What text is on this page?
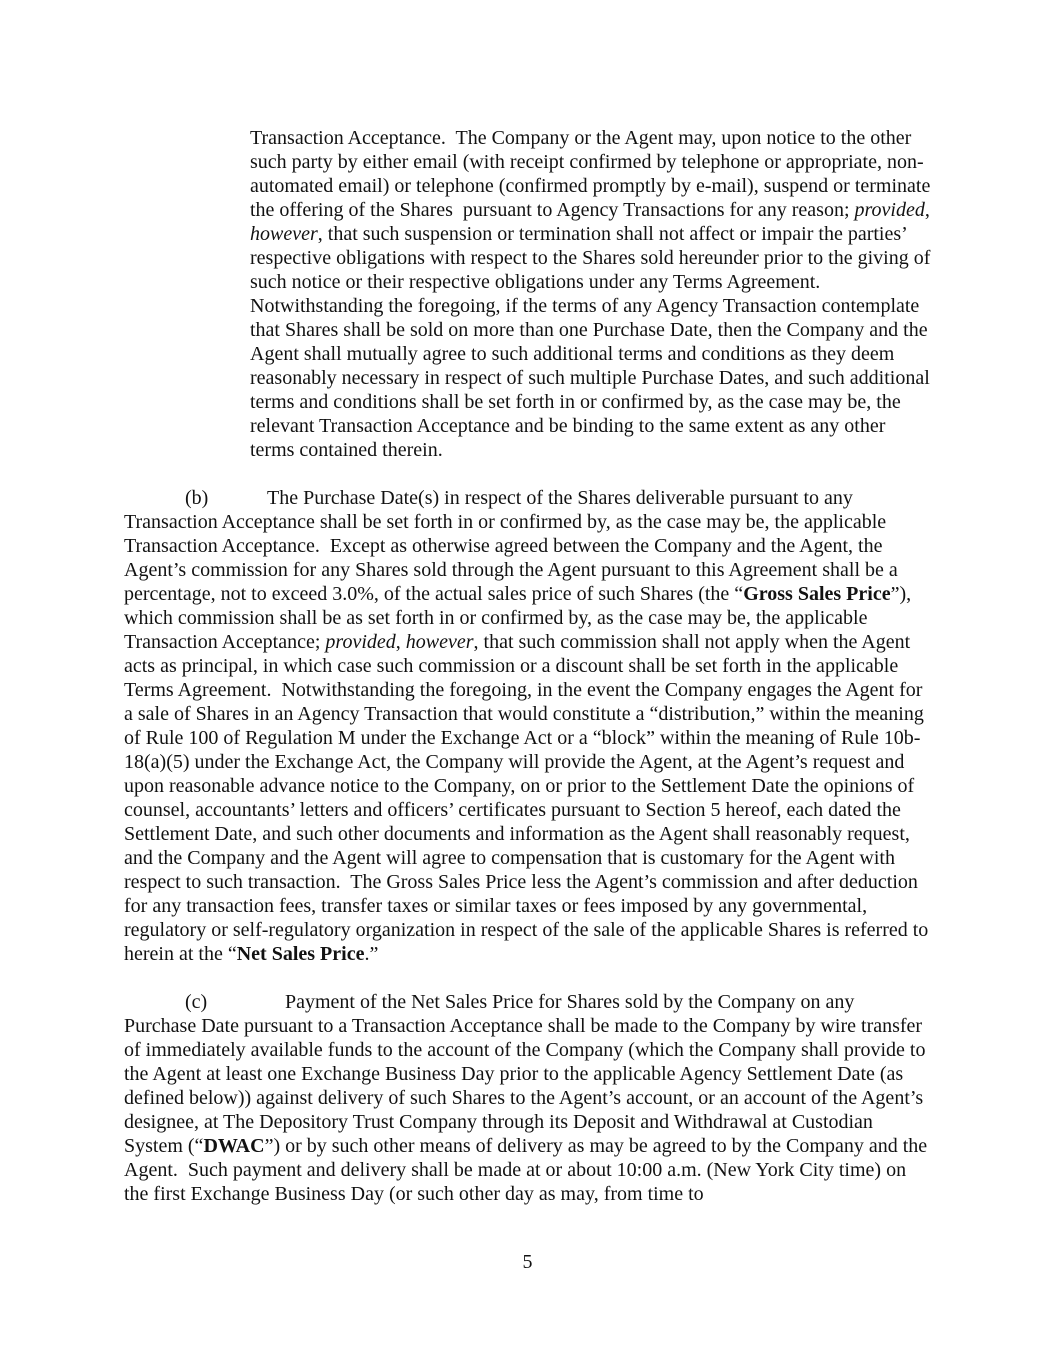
Transaction Acceptance.  The Company or the Agent may, upon notice to the other such party by either email (with receipt confirmed by telephone or appropriate, non-automated email) or telephone (confirmed promptly by e-mail), suspend or terminate the offering of the Shares  pursuant to Agency Transactions for any reason; provided, however, that such suspension or termination shall not affect or impair the parties’ respective obligations with respect to the Shares sold hereunder prior to the giving of such notice or their respective obligations under any Terms Agreement.  Notwithstanding the foregoing, if the terms of any Agency Transaction contemplate that Shares shall be sold on more than one Purchase Date, then the Company and the Agent shall mutually agree to such additional terms and conditions as they deem reasonably necessary in respect of such multiple Purchase Dates, and such additional terms and conditions shall be set forth in or confirmed by, as the case may be, the relevant Transaction Acceptance and be binding to the same extent as any other terms contained therein.

(b)	The Purchase Date(s) in respect of the Shares deliverable pursuant to any Transaction Acceptance shall be set forth in or confirmed by, as the case may be, the applicable Transaction Acceptance.  Except as otherwise agreed between the Company and the Agent, the Agent’s commission for any Shares sold through the Agent pursuant to this Agreement shall be a percentage, not to exceed 3.0%, of the actual sales price of such Shares (the “Gross Sales Price”), which commission shall be as set forth in or confirmed by, as the case may be, the applicable Transaction Acceptance; provided, however, that such commission shall not apply when the Agent acts as principal, in which case such commission or a discount shall be set forth in the applicable Terms Agreement.  Notwithstanding the foregoing, in the event the Company engages the Agent for a sale of Shares in an Agency Transaction that would constitute a “distribution,” within the meaning of Rule 100 of Regulation M under the Exchange Act or a “block” within the meaning of Rule 10b-18(a)(5) under the Exchange Act, the Company will provide the Agent, at the Agent’s request and upon reasonable advance notice to the Company, on or prior to the Settlement Date the opinions of counsel, accountants’ letters and officers’ certificates pursuant to Section 5 hereof, each dated the Settlement Date, and such other documents and information as the Agent shall reasonably request, and the Company and the Agent will agree to compensation that is customary for the Agent with respect to such transaction.  The Gross Sales Price less the Agent’s commission and after deduction for any transaction fees, transfer taxes or similar taxes or fees imposed by any governmental, regulatory or self-regulatory organization in respect of the sale of the applicable Shares is referred to herein at the “Net Sales Price.”

(c)	Payment of the Net Sales Price for Shares sold by the Company on any Purchase Date pursuant to a Transaction Acceptance shall be made to the Company by wire transfer of immediately available funds to the account of the Company (which the Company shall provide to the Agent at least one Exchange Business Day prior to the applicable Agency Settlement Date (as defined below)) against delivery of such Shares to the Agent’s account, or an account of the Agent’s designee, at The Depository Trust Company through its Deposit and Withdrawal at Custodian System (“DWAC”) or by such other means of delivery as may be agreed to by the Company and the Agent.  Such payment and delivery shall be made at or about 10:00 a.m. (New York City time) on the first Exchange Business Day (or such other day as may, from time to

5
